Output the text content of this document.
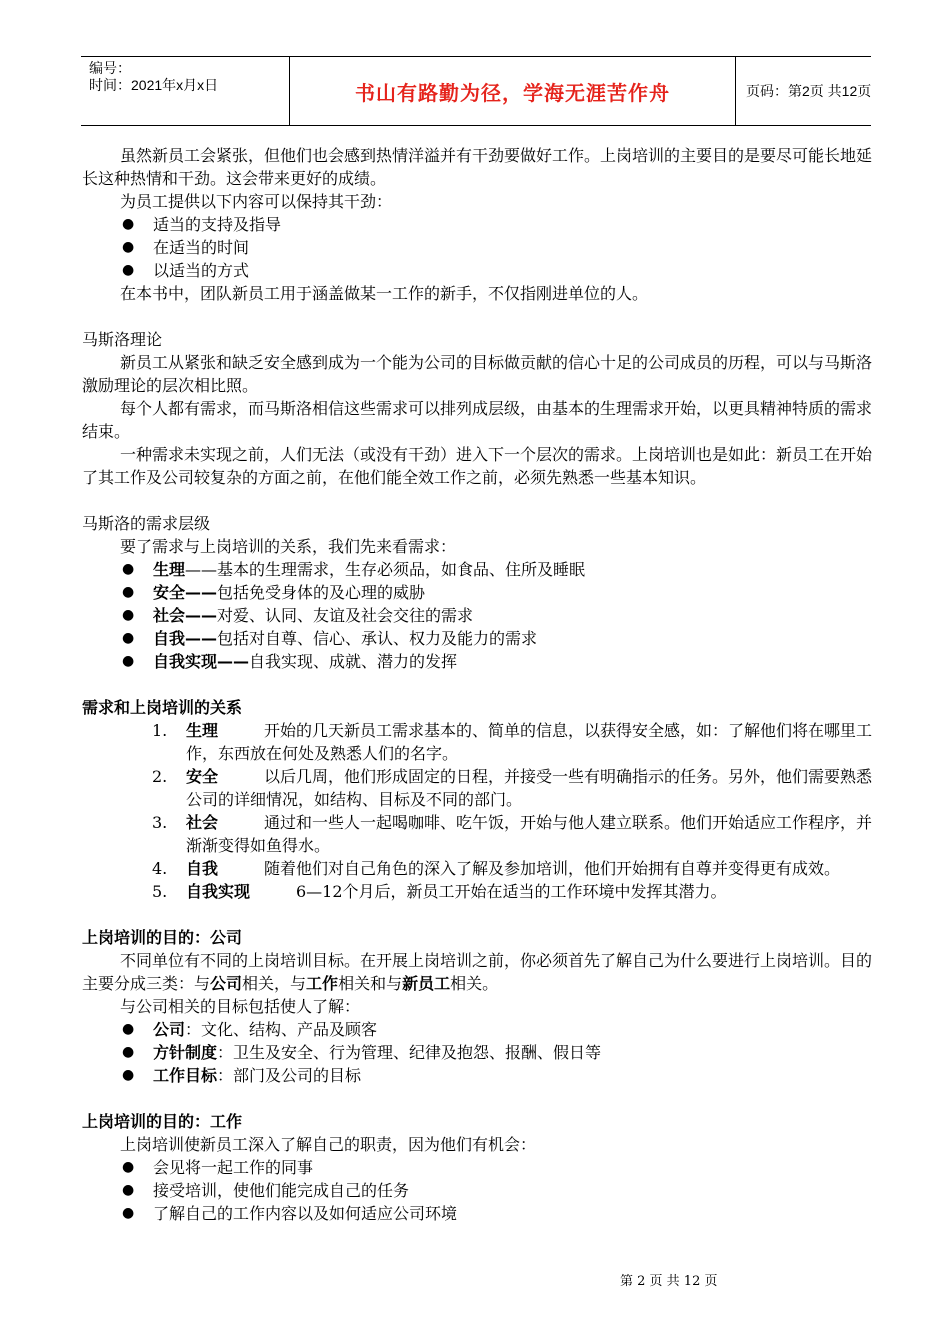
编号：
时间：2021年x月x日	书山有路勤为径，学海无涯苦作舟	页码：第2页 共12页

虽然新员工会紧张，但他们也会感到热情洋溢并有干劲要做好工作。上岗培训的主要目的是要尽可能长地延长这种热情和干劲。这会带来更好的成绩。

为员工提供以下内容可以保持其干劲：

● 适当的支持及指导

● 在适当的时间

● 以适当的方式

在本书中，团队新员工用于涵盖做某一工作的新手，不仅指刚进单位的人。

马斯洛理论

新员工从紧张和缺乏安全感到成为一个能为公司的目标做贡献的信心十足的公司成员的历程，可以与马斯洛激励理论的层次相比照。

每个人都有需求，而马斯洛相信这些需求可以排列成层级，由基本的生理需求开始，以更具精神特质的需求结束。

一种需求未实现之前，人们无法（或没有干劲）进入下一个层次的需求。上岗培训也是如此：新员工在开始了其工作及公司较复杂的方面之前，在他们能全效工作之前，必须先熟悉一些基本知识。

马斯洛的需求层级

要了需求与上岗培训的关系，我们先来看需求：

● 生理——基本的生理需求，生存必须品，如食品、住所及睡眠

● 安全——包括免受身体的及心理的威胁

● 社会——对爱、认同、友谊及社会交往的需求

● 自我——包括对自尊、信心、承认、权力及能力的需求

● 自我实现——自我实现、成就、潜力的发挥

需求和上岗培训的关系

1. 生理	开始的几天新员工需求基本的、简单的信息，以获得安全感，如：了解他们将在哪里工作，东西放在何处及熟悉人们的名字。

2. 安全	以后几周，他们形成固定的日程，并接受一些有明确指示的任务。另外，他们需要熟悉公司的详细情况，如结构、目标及不同的部门。

3. 社会	通过和一些人一起喝咖啡、吃午饭，开始与他人建立联系。他们开始适应工作程序，并渐渐变得如鱼得水。

4. 自我	随着他们对自己角色的深入了解及参加培训，他们开始拥有自尊并变得更有成效。

5. 自我实现	6—12个月后，新员工开始在适当的工作环境中发挥其潜力。

上岗培训的目的：公司

不同单位有不同的上岗培训目标。在开展上岗培训之前，你必须首先了解自己为什么要进行上岗培训。目的主要分成三类：与公司相关，与工作相关和与新员工相关。

与公司相关的目标包括使人了解：

● 公司：文化、结构、产品及顾客

● 方针制度：卫生及安全、行为管理、纪律及抱怨、报酬、假日等

● 工作目标：部门及公司的目标

上岗培训的目的：工作

上岗培训使新员工深入了解自己的职责，因为他们有机会：

● 会见将一起工作的同事

● 接受培训，使他们能完成自己的任务

● 了解自己的工作内容以及如何适应公司环境

第 2 页 共 12 页
